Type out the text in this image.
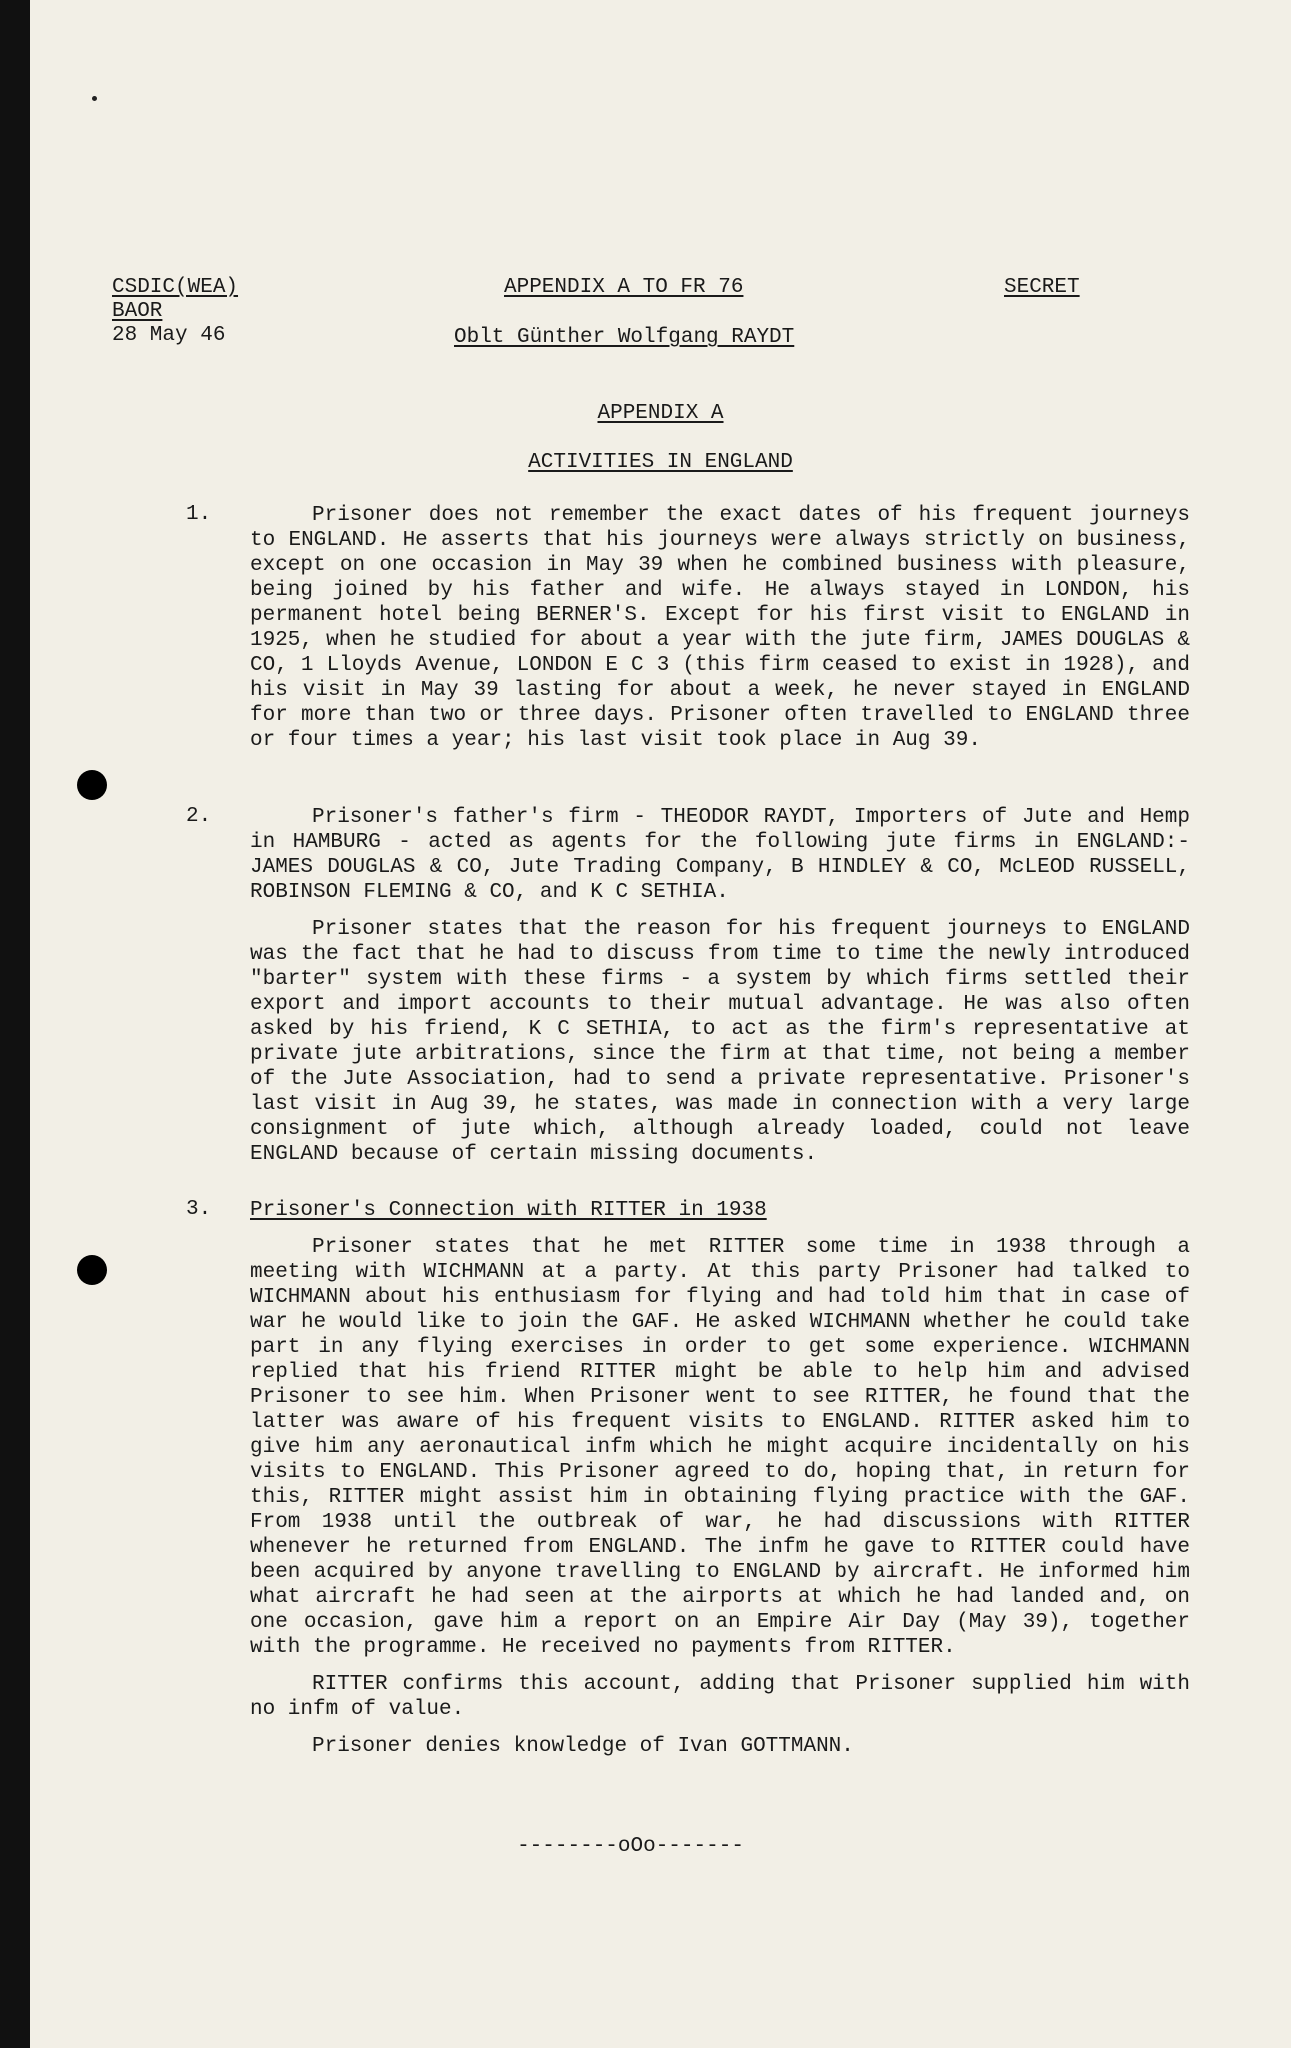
CSDIC(WEA)
BAOR
28 May 46
APPENDIX A TO FR 76	SECRET
Oblt Günther Wolfgang RAYDT
APPENDIX A
ACTIVITIES IN ENGLAND
1.	Prisoner does not remember the exact dates of his frequent journeys to ENGLAND. He asserts that his journeys were always strictly on business, except on one occasion in May 39 when he combined business with pleasure, being joined by his father and wife. He always stayed in LONDON, his permanent hotel being BERNER'S. Except for his first visit to ENGLAND in 1925, when he studied for about a year with the jute firm, JAMES DOUGLAS & CO, 1 Lloyds Avenue, LONDON E C 3 (this firm ceased to exist in 1928), and his visit in May 39 lasting for about a week, he never stayed in ENGLAND for more than two or three days. Prisoner often travelled to ENGLAND three or four times a year; his last visit took place in Aug 39.

2.	Prisoner's father's firm - THEODOR RAYDT, Importers of Jute and Hemp in HAMBURG - acted as agents for the following jute firms in ENGLAND:- JAMES DOUGLAS & CO, Jute Trading Company, B HINDLEY & CO, McLEOD RUSSELL, ROBINSON FLEMING & CO, and K C SETHIA.

Prisoner states that the reason for his frequent journeys to ENGLAND was the fact that he had to discuss from time to time the newly introduced "barter" system with these firms - a system by which firms settled their export and import accounts to their mutual advantage. He was also often asked by his friend, K C SETHIA, to act as the firm's representative at private jute arbitrations, since the firm at that time, not being a member of the Jute Association, had to send a private representative. Prisoner's last visit in Aug 39, he states, was made in connection with a very large consignment of jute which, although already loaded, could not leave ENGLAND because of certain missing documents.

3. Prisoner's Connection with RITTER in 1938

Prisoner states that he met RITTER some time in 1938 through a meeting with WICHMANN at a party. At this party Prisoner had talked to WICHMANN about his enthusiasm for flying and had told him that in case of war he would like to join the GAF. He asked WICHMANN whether he could take part in any flying exercises in order to get some experience. WICHMANN replied that his friend RITTER might be able to help him and advised Prisoner to see him. When Prisoner went to see RITTER, he found that the latter was aware of his frequent visits to ENGLAND. RITTER asked him to give him any aeronautical infm which he might acquire incidentally on his visits to ENGLAND. This Prisoner agreed to do, hoping that, in return for this, RITTER might assist him in obtaining flying practice with the GAF. From 1938 until the outbreak of war, he had discussions with RITTER whenever he returned from ENGLAND. The infm he gave to RITTER could have been acquired by anyone travelling to ENGLAND by aircraft. He informed him what aircraft he had seen at the airports at which he had landed and, on one occasion, gave him a report on an Empire Air Day (May 39), together with the programme. He received no payments from RITTER.

RITTER confirms this account, adding that Prisoner supplied him with no infm of value.

Prisoner denies knowledge of Ivan GOTTMANN.

--------oOo-------
